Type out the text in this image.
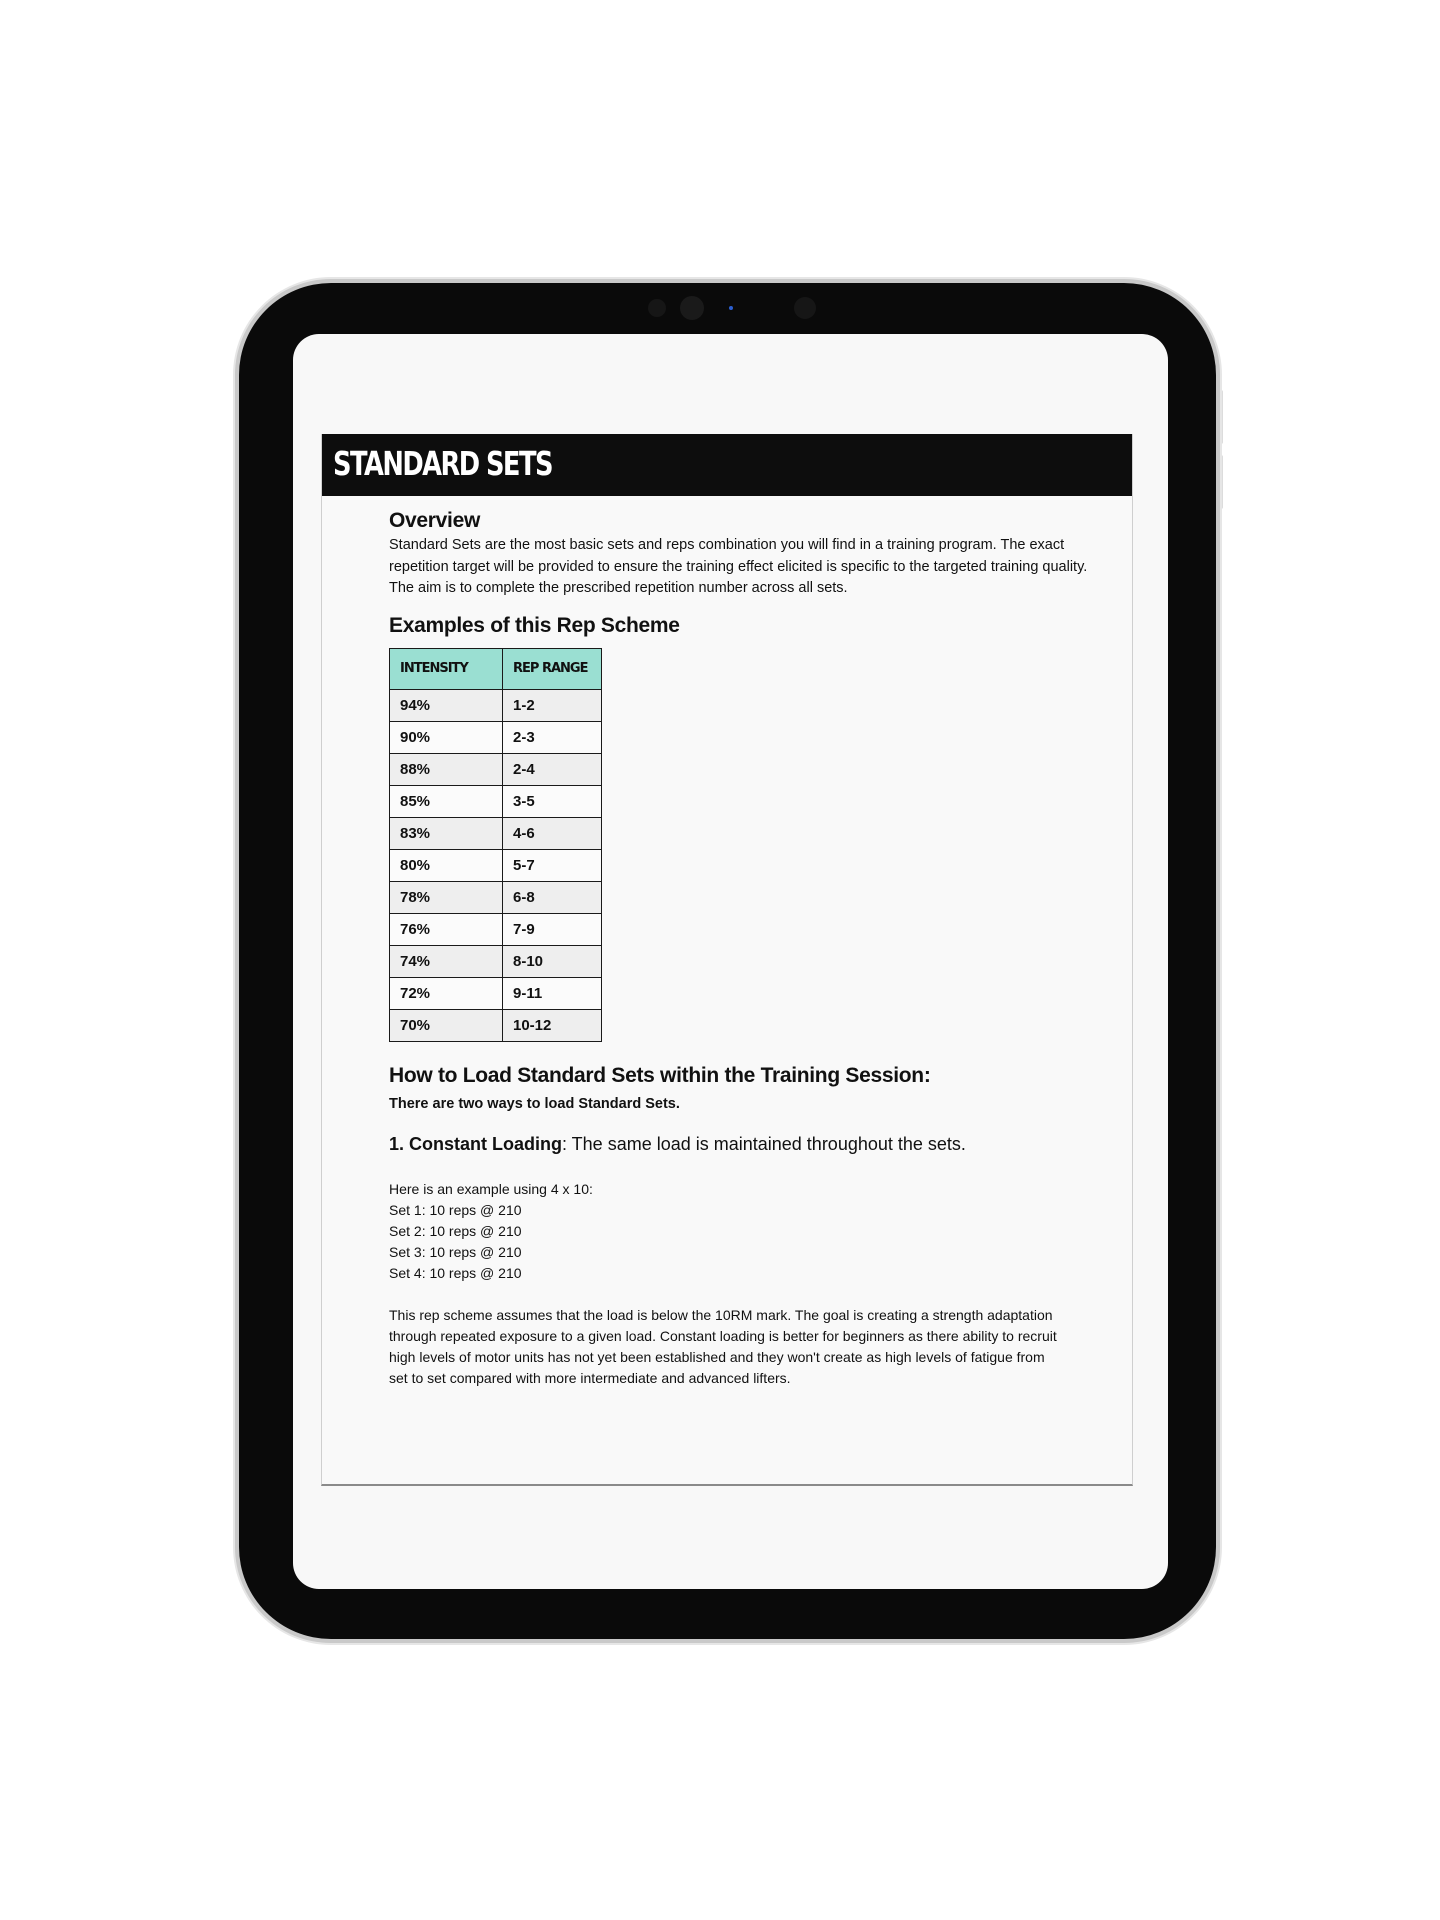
STANDARD SETS
Overview

Standard Sets are the most basic sets and reps combination you will find in a training program. The exact repetition target will be provided to ensure the training effect elicited is specific to the targeted training quality. The aim is to complete the prescribed repetition number across all sets.

Examples of this Rep Scheme
INTENSITY	REP RANGE
94%	1-2
90%	2-3
88%	2-4
85%	3-5
83%	4-6
80%	5-7
78%	6-8
76%	7-9
74%	8-10
72%	9-11
70%	10-12
How to Load Standard Sets within the Training Session:

There are two ways to load Standard Sets.

1. Constant Loading: The same load is maintained throughout the sets.
Here is an example using 4 x 10:
Set 1: 10 reps @ 210
Set 2: 10 reps @ 210
Set 3: 10 reps @ 210
Set 4: 10 reps @ 210

This rep scheme assumes that the load is below the 10RM mark. The goal is creating a strength adaptation through repeated exposure to a given load. Constant loading is better for beginners as there ability to recruit high levels of motor units has not yet been established and they won't create as high levels of fatigue from set to set compared with more intermediate and advanced lifters.
